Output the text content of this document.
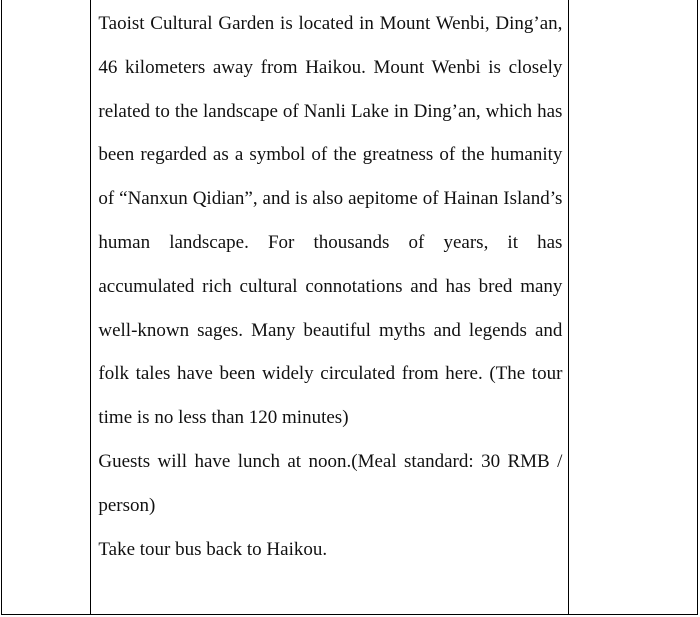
Taoist Cultural Garden is located in Mount Wenbi, Ding’an, 46 kilometers away from Haikou. Mount Wenbi is closely related to the landscape of Nanli Lake in Ding’an, which has been regarded as a symbol of the greatness of the humanity of “Nanxun Qidian”, and is also aepitome of Hainan Island’s human landscape. For thousands of years, it has accumulated rich cultural connotations and has bred many well-known sages. Many beautiful myths and legends and folk tales have been widely circulated from here. (The tour time is no less than 120 minutes)

Guests will have lunch at noon.(Meal standard: 30 RMB / person)

Take tour bus back to Haikou.
